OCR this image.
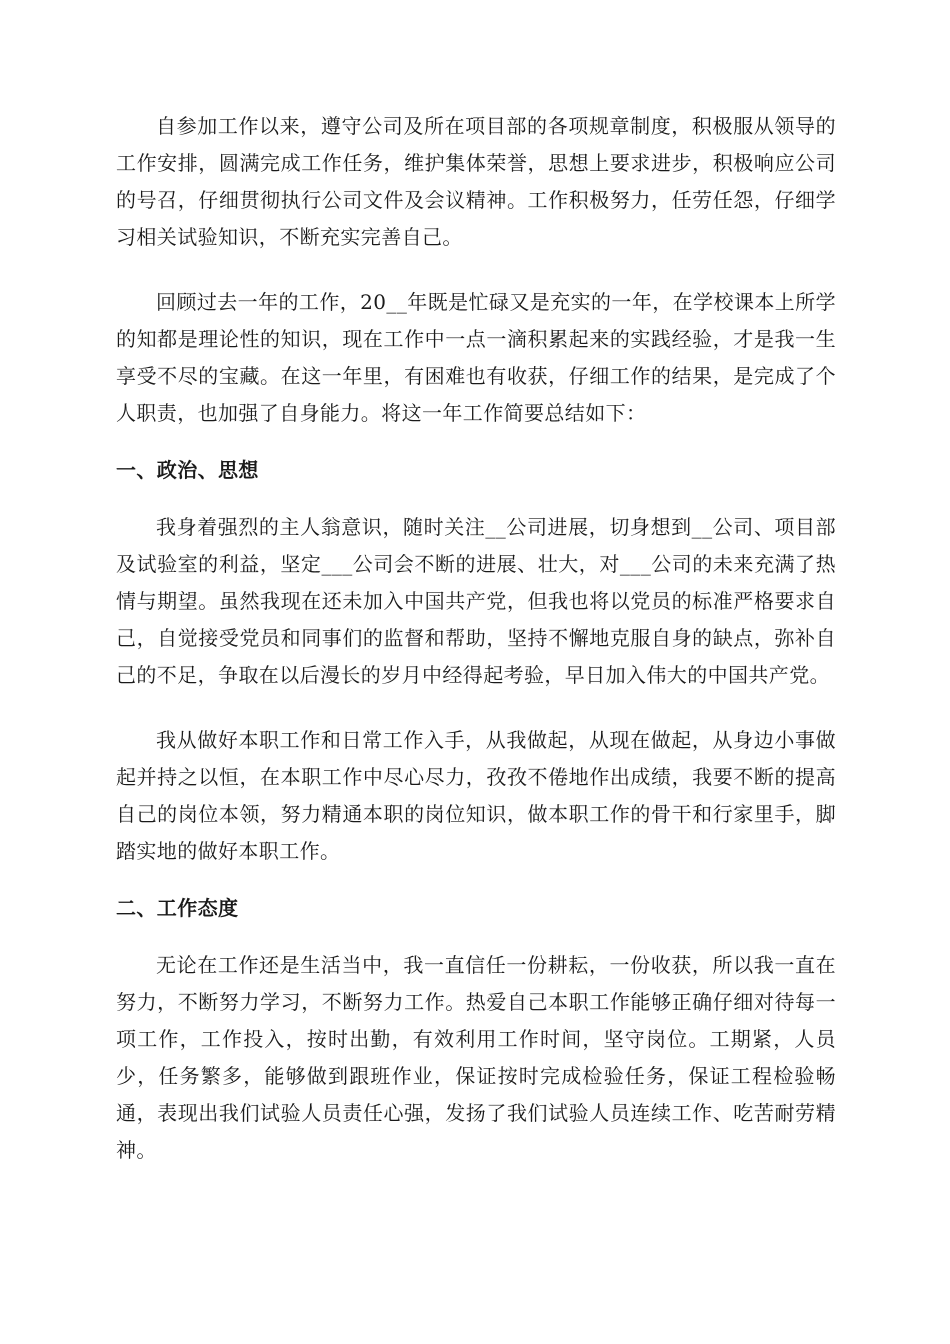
自参加工作以来，遵守公司及所在项目部的各项规章制度，积极服从领导的工作安排，圆满完成工作任务，维护集体荣誉，思想上要求进步，积极响应公司的号召，仔细贯彻执行公司文件及会议精神。工作积极努力，任劳任怨，仔细学习相关试验知识，不断充实完善自己。

回顾过去一年的工作，20__年既是忙碌又是充实的一年，在学校课本上所学的知都是理论性的知识，现在工作中一点一滴积累起来的实践经验，才是我一生享受不尽的宝藏。在这一年里，有困难也有收获，仔细工作的结果，是完成了个人职责，也加强了自身能力。将这一年工作简要总结如下：

一、政治、思想

我身着强烈的主人翁意识，随时关注__公司进展，切身想到__公司、项目部及试验室的利益，坚定___公司会不断的进展、壮大，对___公司的未来充满了热情与期望。虽然我现在还未加入中国共产党，但我也将以党员的标准严格要求自己，自觉接受党员和同事们的监督和帮助，坚持不懈地克服自身的缺点，弥补自己的不足，争取在以后漫长的岁月中经得起考验，早日加入伟大的中国共产党。

我从做好本职工作和日常工作入手，从我做起，从现在做起，从身边小事做起并持之以恒，在本职工作中尽心尽力，孜孜不倦地作出成绩，我要不断的提高自己的岗位本领，努力精通本职的岗位知识，做本职工作的骨干和行家里手，脚踏实地的做好本职工作。

二、工作态度

无论在工作还是生活当中，我一直信任一份耕耘，一份收获，所以我一直在努力，不断努力学习，不断努力工作。热爱自己本职工作能够正确仔细对待每一项工作，工作投入，按时出勤，有效利用工作时间，坚守岗位。工期紧，人员少，任务繁多，能够做到跟班作业，保证按时完成检验任务，保证工程检验畅通，表现出我们试验人员责任心强，发扬了我们试验人员连续工作、吃苦耐劳精神。
